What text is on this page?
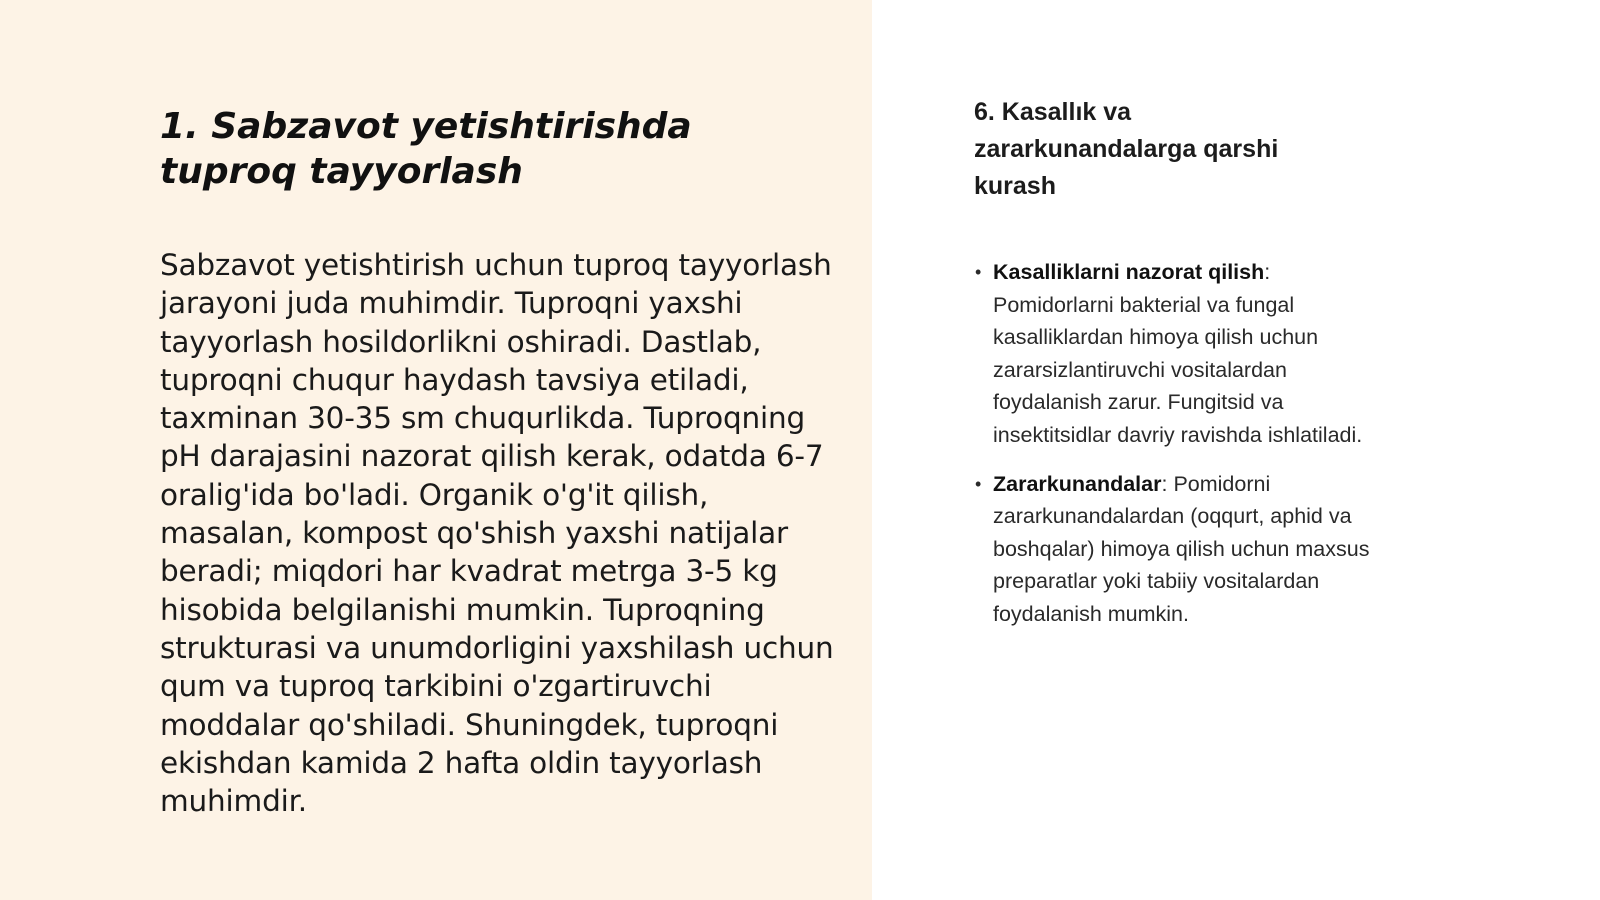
1. Sabzavot yetishtirishda tuproq tayyorlash

Sabzavot yetishtirish uchun tuproq tayyorlash jarayoni juda muhimdir. Tuproqni yaxshi tayyorlash hosildorlikni oshiradi. Dastlab, tuproqni chuqur haydash tavsiya etiladi, taxminan 30-35 sm chuqurlikda. Tuproqning pH darajasini nazorat qilish kerak, odatda 6-7 oralig'ida bo'ladi. Organik o'g'it qilish, masalan, kompost qo'shish yaxshi natijalar beradi; miqdori har kvadrat metrga 3-5 kg hisobida belgilanishi mumkin. Tuproqning strukturasi va unumdorligini yaxshilash uchun qum va tuproq tarkibini o'zgartiruvchi moddalar qo'shiladi. Shuningdek, tuproqni ekishdan kamida 2 hafta oldin tayyorlash muhimdir.

6. Kasallık va zararkunandalarga qarshi kurash
• Kasalliklarni nazorat qilish: Pomidorlarni bakterial va fungal kasalliklardan himoya qilish uchun zararsizlantiruvchi vositalardan foydalanish zarur. Fungitsid va insektitsidlar davriy ravishda ishlatiladi.
• Zararkunandalar: Pomidorni zararkunandalardan (oqqurt, aphid va boshqalar) himoya qilish uchun maxsus preparatlar yoki tabiiy vositalardan foydalanish mumkin.
